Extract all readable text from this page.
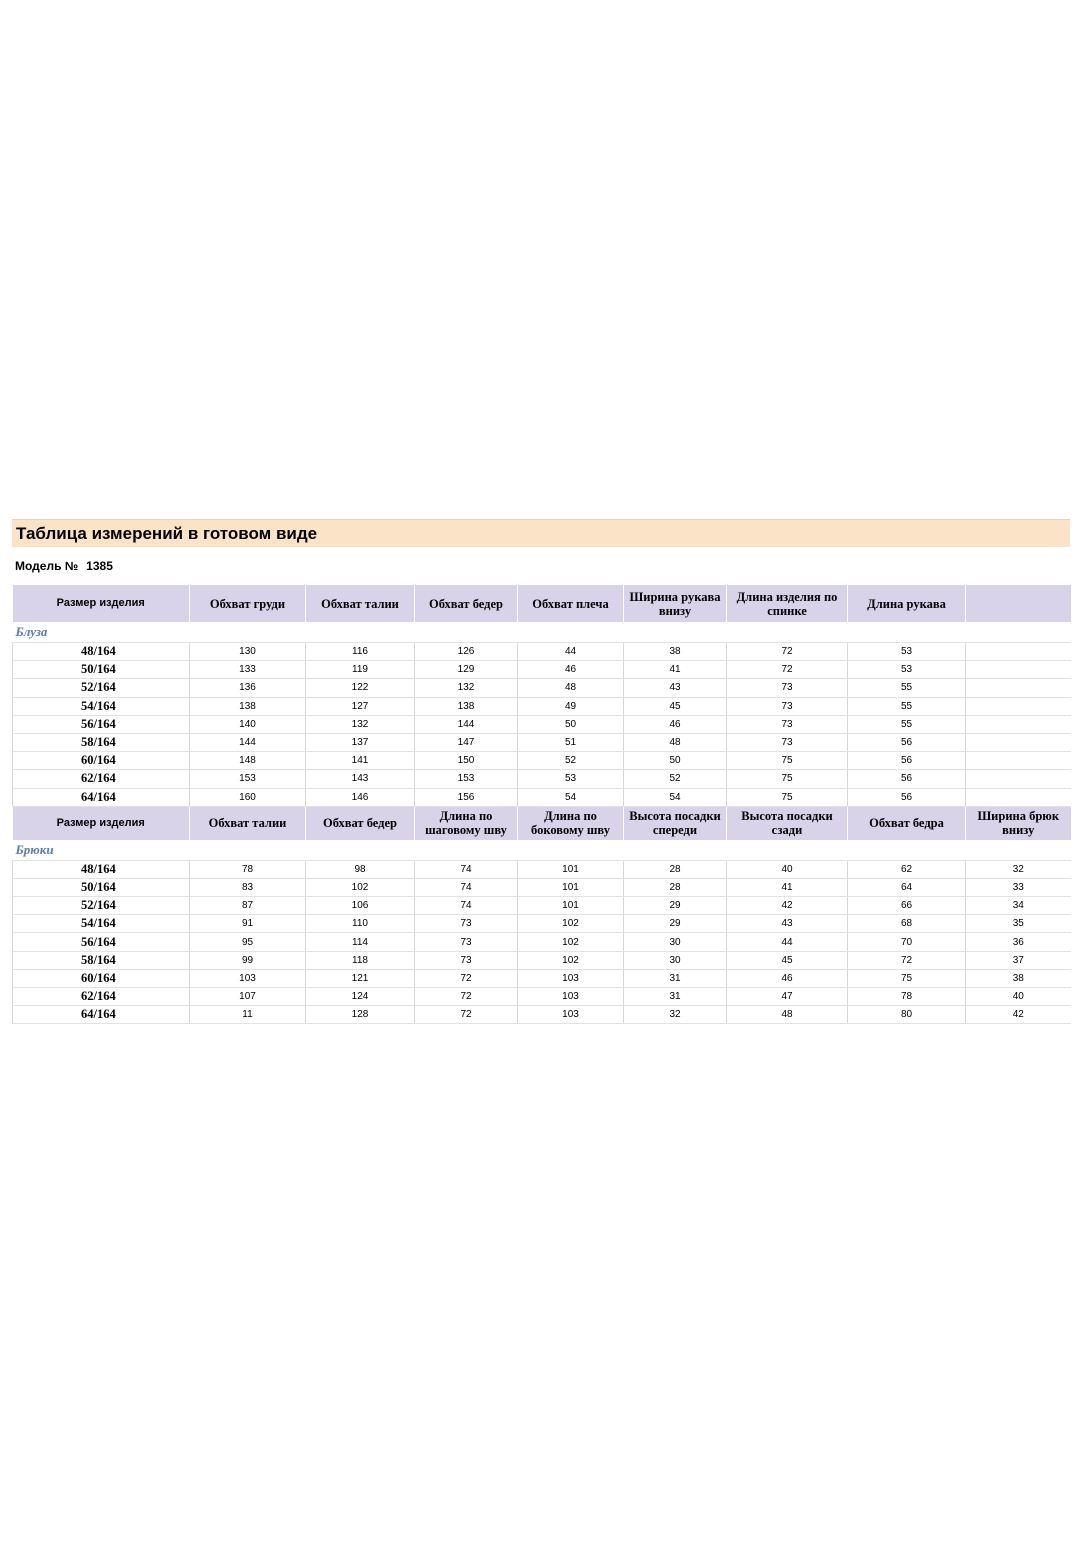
Таблица измерений в готовом виде
Модель № 1385
Размер изделия	Обхват груди	Обхват талии	Обхват бедер	Обхват плеча	Ширина рукава внизу	Длина изделия по спинке	Длина рукава	
Блуза								
48/164	130	116	126	44	38	72	53	
50/164	133	119	129	46	41	72	53	
52/164	136	122	132	48	43	73	55	
54/164	138	127	138	49	45	73	55	
56/164	140	132	144	50	46	73	55	
58/164	144	137	147	51	48	73	56	
60/164	148	141	150	52	50	75	56	
62/164	153	143	153	53	52	75	56	
64/164	160	146	156	54	54	75	56	
Размер изделия	Обхват талии	Обхват бедер	Длина по шаговому шву	Длина по боковому шву	Высота посадки спереди	Высота посадки сзади	Обхват бедра	Ширина брюк внизу
Брюки								
48/164	78	98	74	101	28	40	62	32
50/164	83	102	74	101	28	41	64	33
52/164	87	106	74	101	29	42	66	34
54/164	91	110	73	102	29	43	68	35
56/164	95	114	73	102	30	44	70	36
58/164	99	118	73	102	30	45	72	37
60/164	103	121	72	103	31	46	75	38
62/164	107	124	72	103	31	47	78	40
64/164	11	128	72	103	32	48	80	42
